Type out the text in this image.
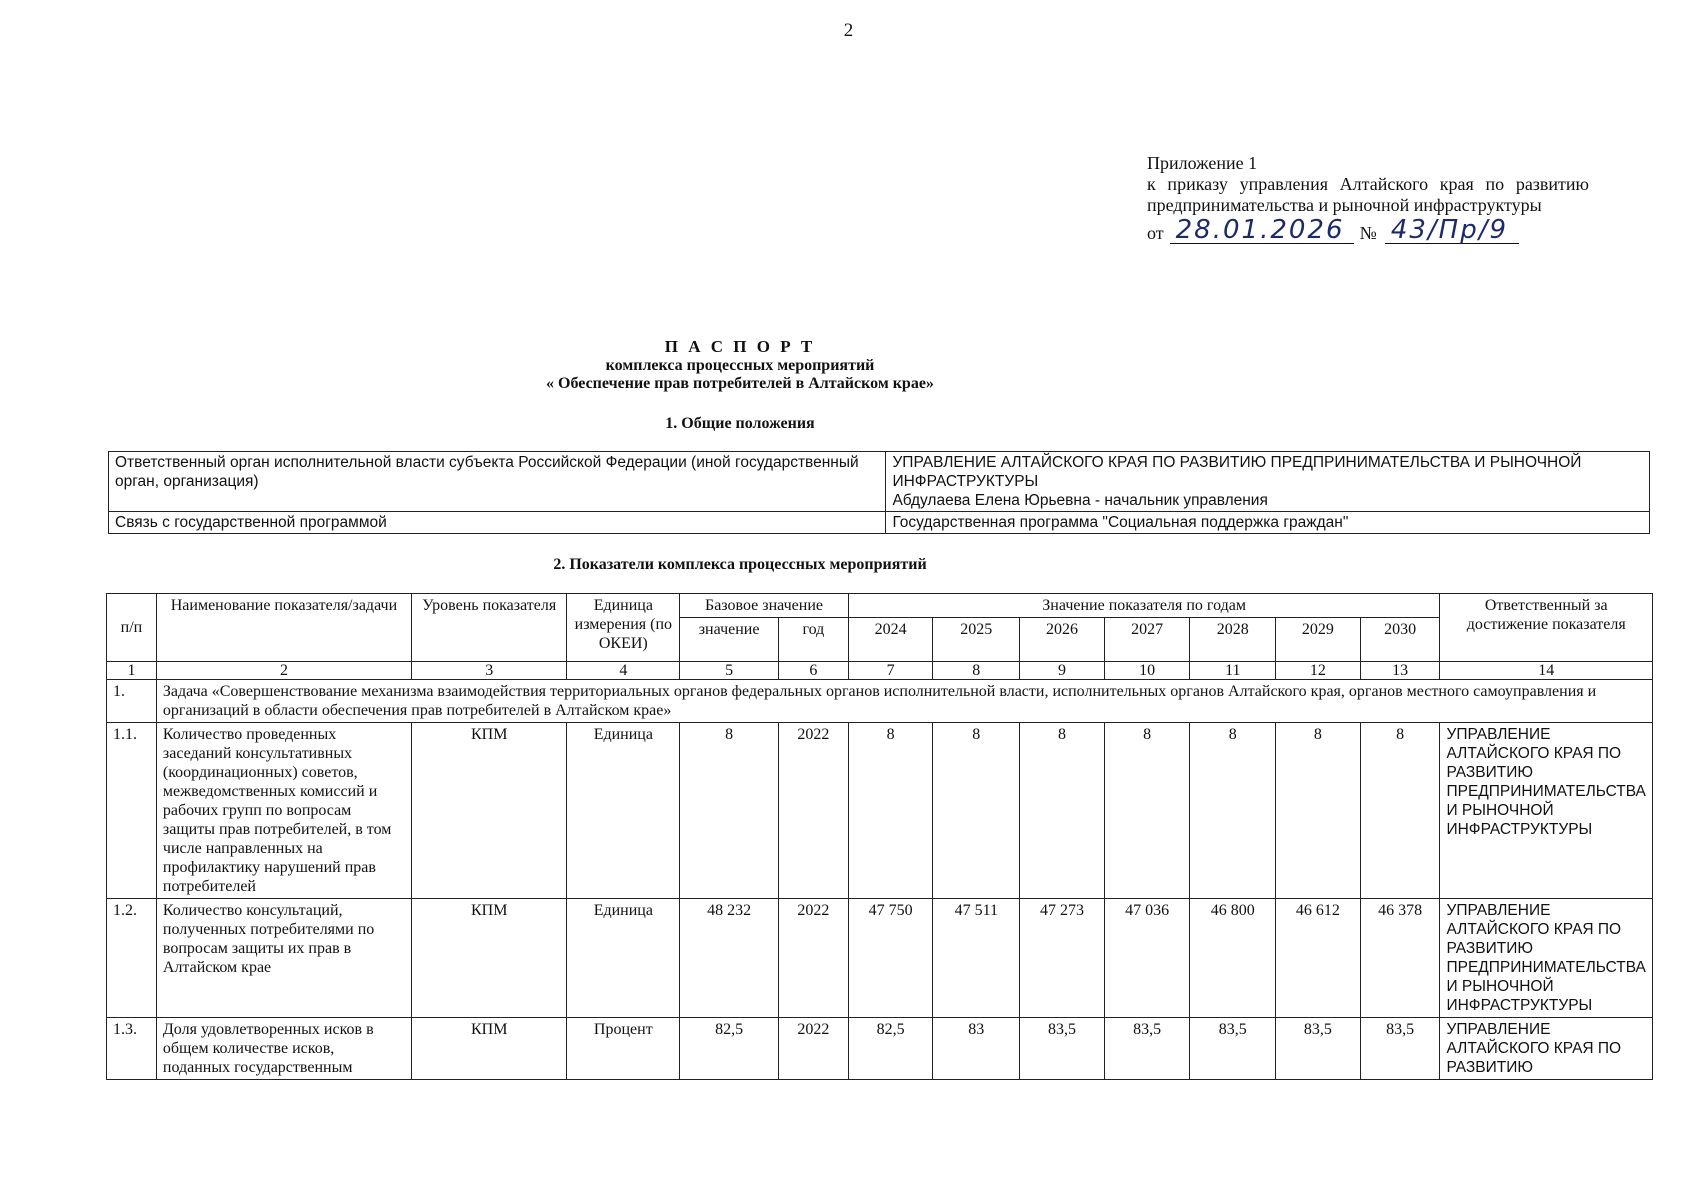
2
Приложение 1
к приказу управления Алтайского края по развитию предпринимательства и рыночной инфраструктуры
от 28.01.2026 № 43/Пр/9
П А С П О Р Т
комплекса процессных мероприятий
« Обеспечение прав потребителей в Алтайском крае»
1. Общие положения
Ответственный орган исполнительной власти субъекта Российской Федерации (иной государственный орган, организация)	УПРАВЛЕНИЕ АЛТАЙСКОГО КРАЯ ПО РАЗВИТИЮ ПРЕДПРИНИМАТЕЛЬСТВА И РЫНОЧНОЙ ИНФРАСТРУКТУРЫ
Абдулаева Елена Юрьевна - начальник управления

Связь с государственной программой	Государственная программа "Социальная поддержка граждан"
2. Показатели комплекса процессных мероприятий
п/п	Наименование показателя/задачи	Уровень показателя	Единица измерения (по ОКЕИ)	Базовое значение		Значение показателя по годам							Ответственный за достижение показателя
				значение	год	2024	2025	2026	2027	2028	2029	2030	
1	2	3	4	5	6	7	8	9	10	11	12	13	14
1.	Задача «Совершенствование механизма взаимодействия территориальных органов федеральных органов исполнительной власти, исполнительных органов Алтайского края, органов местного самоуправления и организаций в области обеспечения прав потребителей в Алтайском крае»												
1.1.	Количество проведенных заседаний консультативных (координационных) советов, межведомственных комиссий и рабочих групп по вопросам защиты прав потребителей, в том числе направленных на профилактику нарушений прав потребителей	КПМ	Единица	8	2022	8	8	8	8	8	8	8	УПРАВЛЕНИЕ АЛТАЙСКОГО КРАЯ ПО РАЗВИТИЮ ПРЕДПРИНИМАТЕЛЬСТВА И РЫНОЧНОЙ ИНФРАСТРУКТУРЫ
1.2.	Количество консультаций, полученных потребителями по вопросам защиты их прав в Алтайском крае	КПМ	Единица	48 232	2022	47 750	47 511	47 273	47 036	46 800	46 612	46 378	УПРАВЛЕНИЕ АЛТАЙСКОГО КРАЯ ПО РАЗВИТИЮ ПРЕДПРИНИМАТЕЛЬСТВА И РЫНОЧНОЙ ИНФРАСТРУКТУРЫ
1.3.	Доля удовлетворенных исков в общем количестве исков, поданных государственным	КПМ	Процент	82,5	2022	82,5	83	83,5	83,5	83,5	83,5	83,5	УПРАВЛЕНИЕ АЛТАЙСКОГО КРАЯ ПО РАЗВИТИЮ
